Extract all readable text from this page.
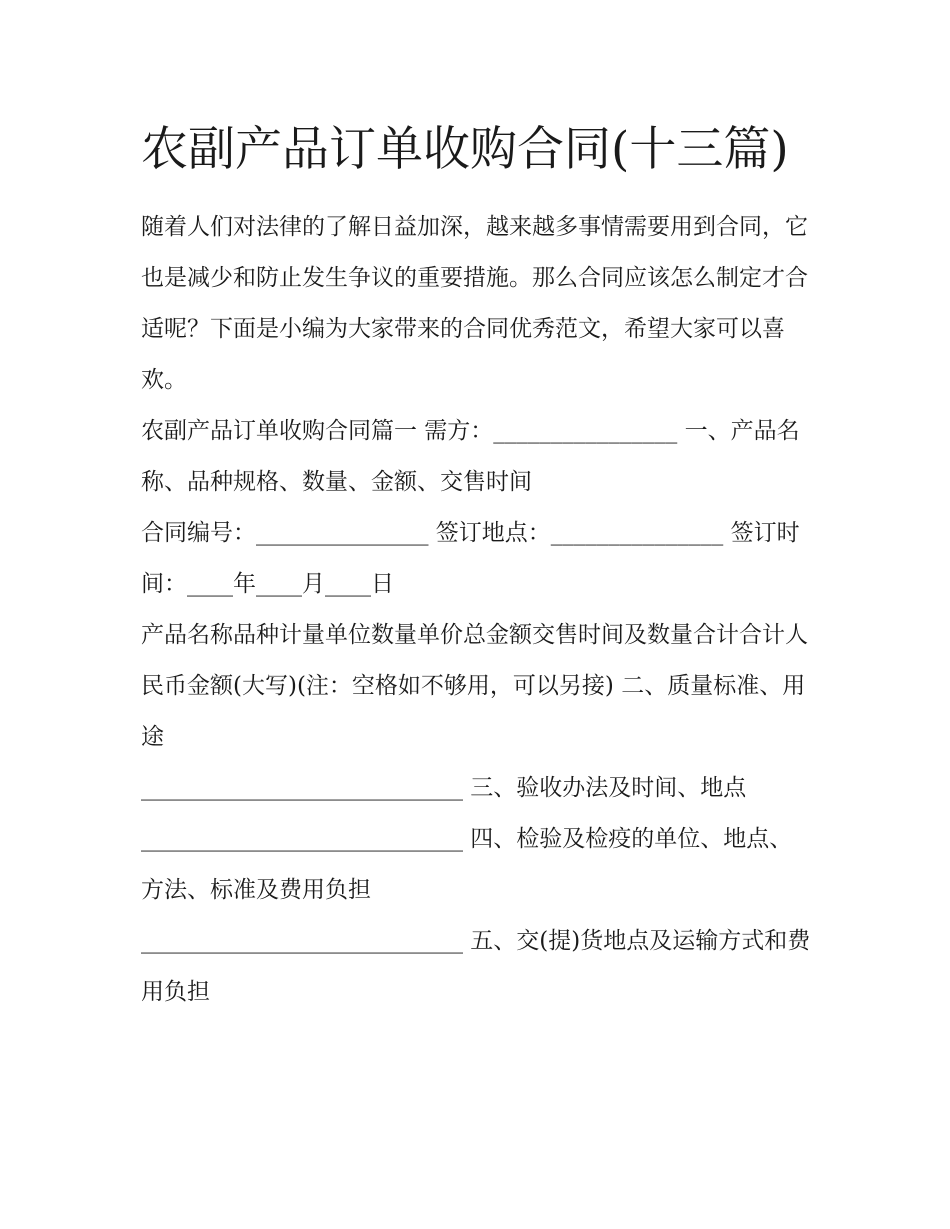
农副产品订单收购合同(十三篇)

随着人们对法律的了解日益加深，越来越多事情需要用到合同，它也是减少和防止发生争议的重要措施。那么合同应该怎么制定才合适呢？下面是小编为大家带来的合同优秀范文，希望大家可以喜欢。

农副产品订单收购合同篇一 需方：________________ 一、产品名称、品种规格、数量、金额、交售时间

合同编号：_______________ 签订地点：_______________ 签订时间：____年____月____日

产品名称品种计量单位数量单价总金额交售时间及数量合计合计人民币金额(大写)(注：空格如不够用，可以另接) 二、质量标准、用途

____________________________ 三、验收办法及时间、地点

____________________________ 四、检验及检疫的单位、地点、方法、标准及费用负担

____________________________ 五、交(提)货地点及运输方式和费用负担
